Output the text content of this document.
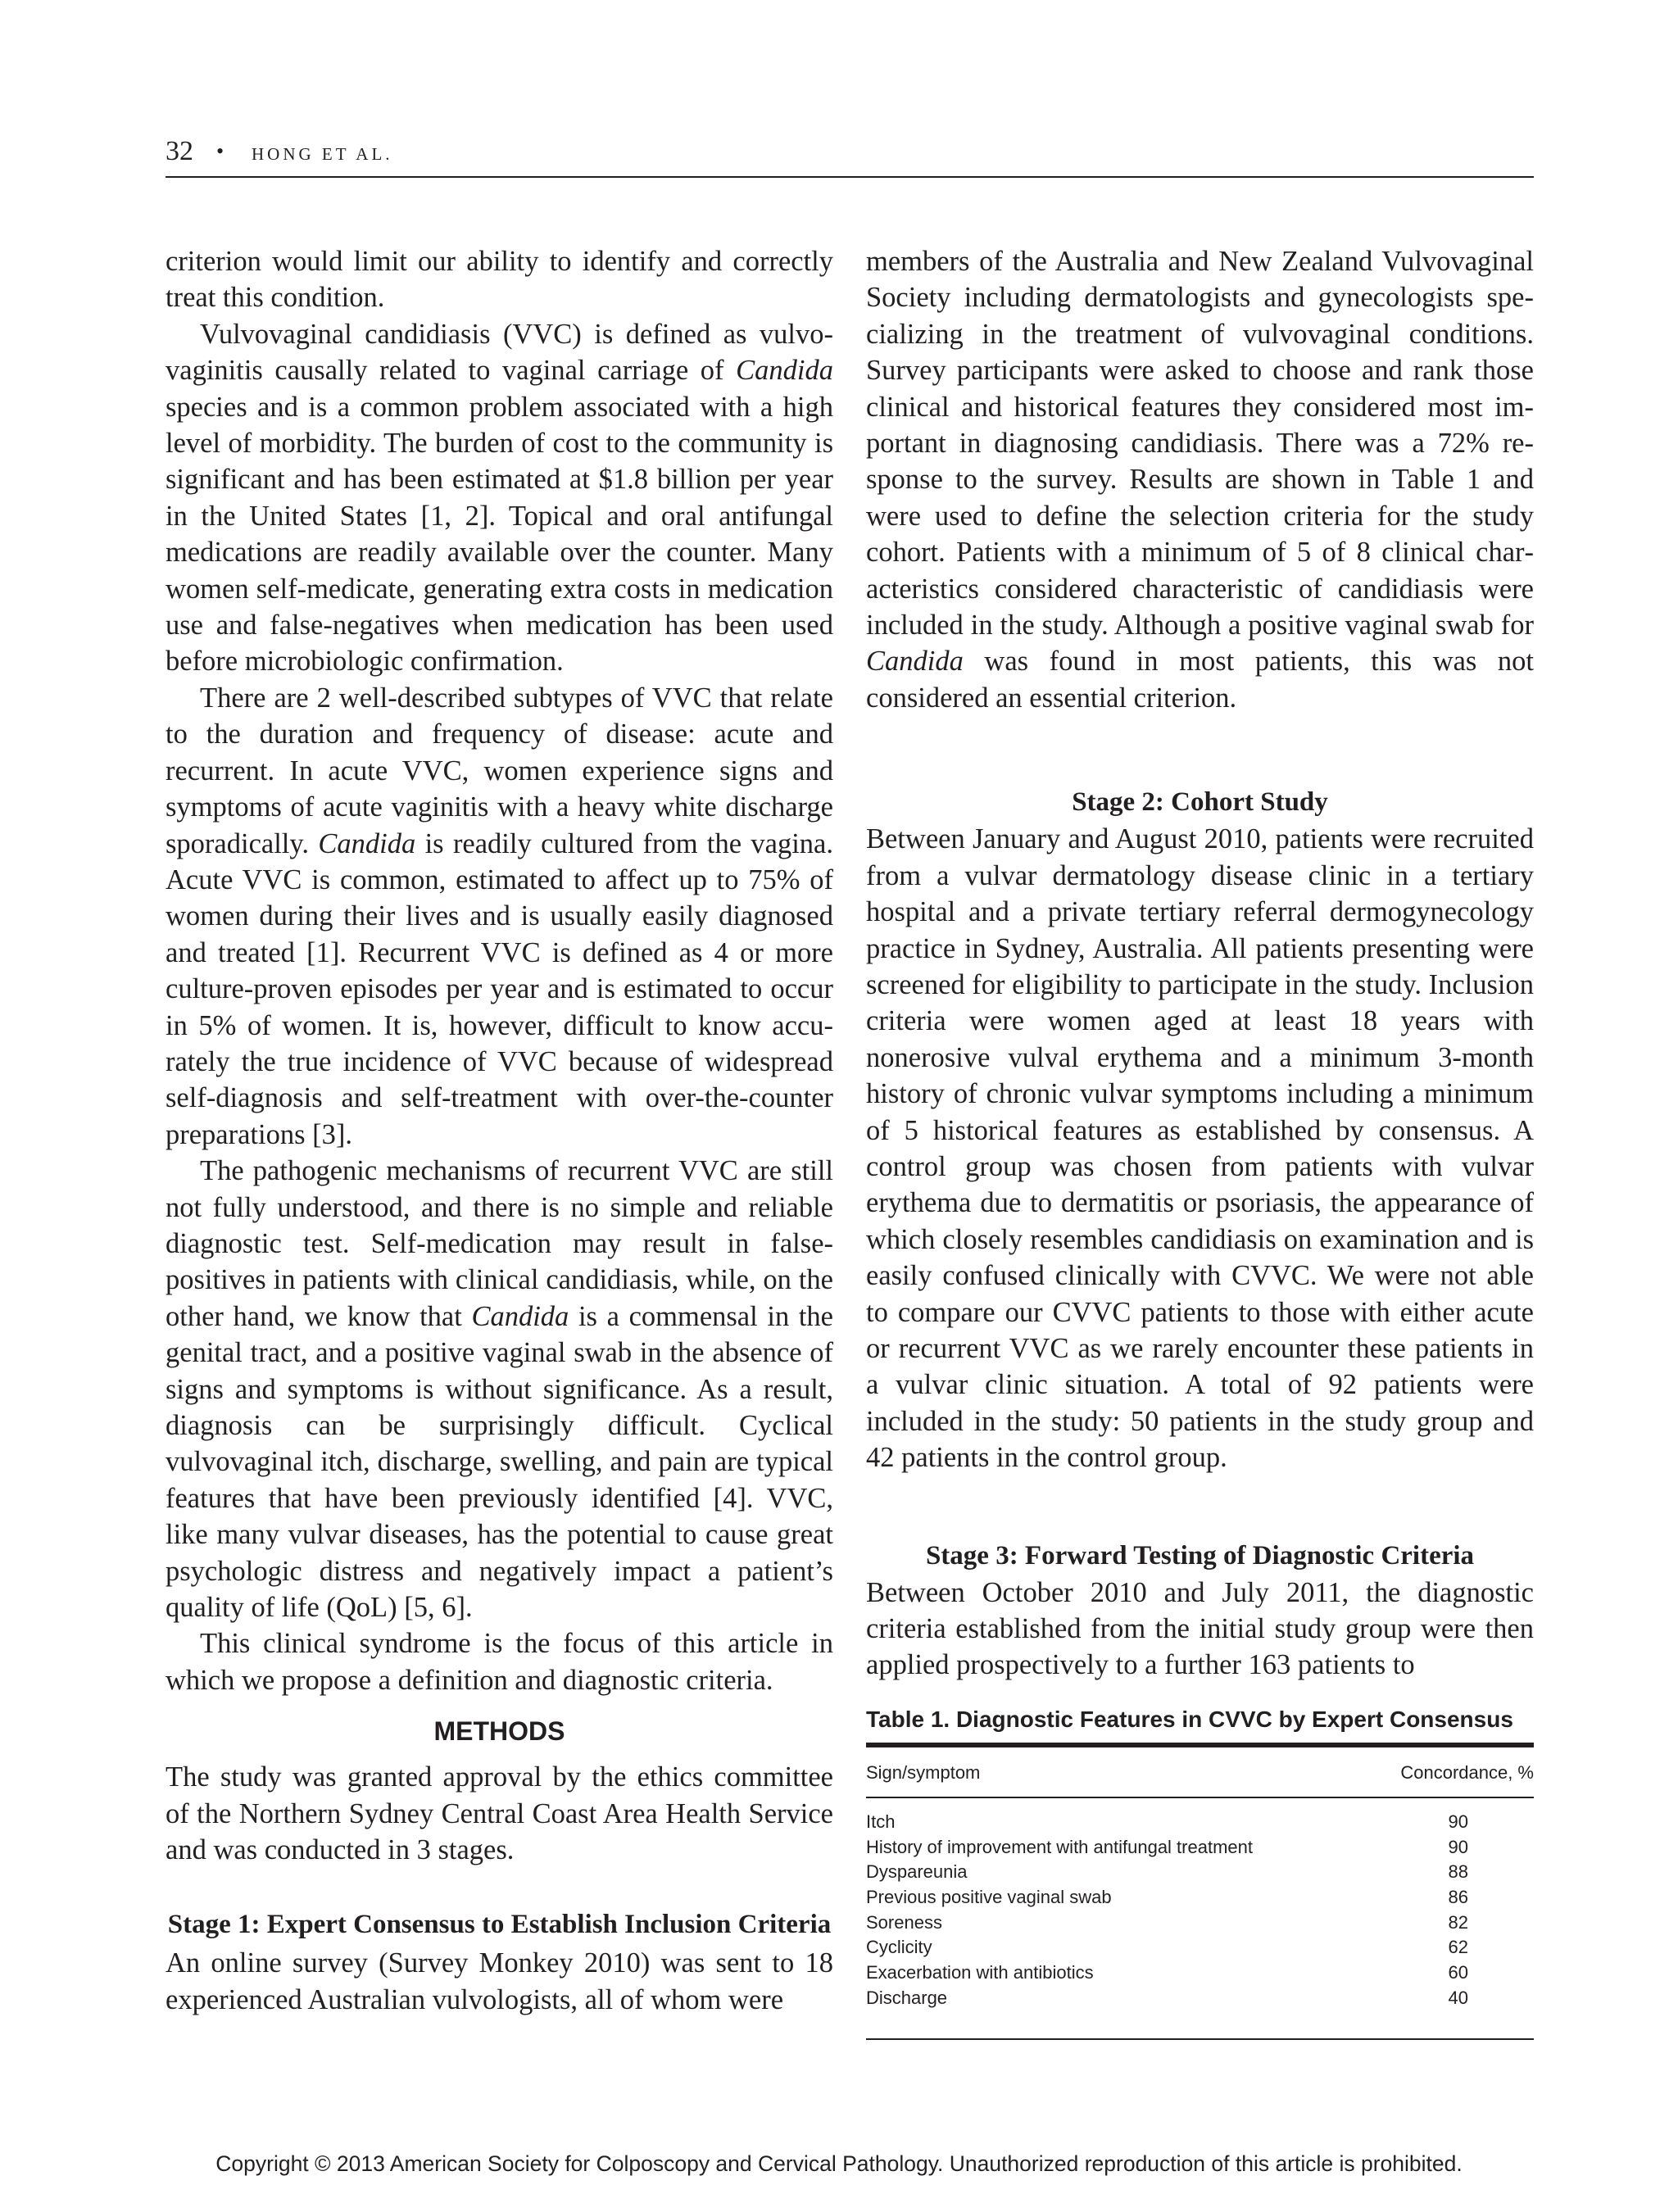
32 • HONG ET AL.

criterion would limit our ability to identify and correctly treat this condition.

Vulvovaginal candidiasis (VVC) is defined as vulvovaginitis causally related to vaginal carriage of Candida species and is a common problem associated with a high level of morbidity. The burden of cost to the community is significant and has been estimated at $1.8 billion per year in the United States [1, 2]. Topical and oral antifungal medications are readily available over the counter. Many women self-medicate, generating extra costs in medication use and false-negatives when medication has been used before microbiologic confirmation.

There are 2 well-described subtypes of VVC that relate to the duration and frequency of disease: acute and recurrent. In acute VVC, women experience signs and symptoms of acute vaginitis with a heavy white discharge sporadically. Candida is readily cultured from the vagina. Acute VVC is common, estimated to affect up to 75% of women during their lives and is usually easily diagnosed and treated [1]. Recurrent VVC is defined as 4 or more culture-proven episodes per year and is estimated to occur in 5% of women. It is, however, difficult to know accurately the true incidence of VVC because of widespread self-diagnosis and self-treatment with over-the-counter preparations [3].

The pathogenic mechanisms of recurrent VVC are still not fully understood, and there is no simple and reliable diagnostic test. Self-medication may result in false-positives in patients with clinical candidiasis, while, on the other hand, we know that Candida is a commensal in the genital tract, and a positive vaginal swab in the absence of signs and symptoms is without significance. As a result, diagnosis can be surprisingly difficult. Cyclical vulvovaginal itch, discharge, swelling, and pain are typical features that have been previously identified [4]. VVC, like many vulvar diseases, has the potential to cause great psychologic distress and negatively impact a patient’s quality of life (QoL) [5, 6].

This clinical syndrome is the focus of this article in which we propose a definition and diagnostic criteria.

METHODS

The study was granted approval by the ethics committee of the Northern Sydney Central Coast Area Health Service and was conducted in 3 stages.

Stage 1: Expert Consensus to Establish Inclusion Criteria

An online survey (Survey Monkey 2010) was sent to 18 experienced Australian vulvologists, all of whom were

members of the Australia and New Zealand Vulvovaginal Society including dermatologists and gynecologists specializing in the treatment of vulvovaginal conditions. Survey participants were asked to choose and rank those clinical and historical features they considered most important in diagnosing candidiasis. There was a 72% response to the survey. Results are shown in Table 1 and were used to define the selection criteria for the study cohort. Patients with a minimum of 5 of 8 clinical characteristics considered characteristic of candidiasis were included in the study. Although a positive vaginal swab for Candida was found in most patients, this was not considered an essential criterion.

Stage 2: Cohort Study

Between January and August 2010, patients were recruited from a vulvar dermatology disease clinic in a tertiary hospital and a private tertiary referral dermogynecology practice in Sydney, Australia. All patients presenting were screened for eligibility to participate in the study. Inclusion criteria were women aged at least 18 years with nonerosive vulval erythema and a minimum 3-month history of chronic vulvar symptoms including a minimum of 5 historical features as established by consensus. A control group was chosen from patients with vulvar erythema due to dermatitis or psoriasis, the appearance of which closely resembles candidiasis on examination and is easily confused clinically with CVVC. We were not able to compare our CVVC patients to those with either acute or recurrent VVC as we rarely encounter these patients in a vulvar clinic situation. A total of 92 patients were included in the study: 50 patients in the study group and 42 patients in the control group.

Stage 3: Forward Testing of Diagnostic Criteria

Between October 2010 and July 2011, the diagnostic criteria established from the initial study group were then applied prospectively to a further 163 patients to

Table 1. Diagnostic Features in CVVC by Expert Consensus

Sign/symptom	Concordance, %

Itch	90
History of improvement with antifungal treatment	90
Dyspareunia	88
Previous positive vaginal swab	86
Soreness	82
Cyclicity	62
Exacerbation with antibiotics	60
Discharge	40
Copyright © 2013 American Society for Colposcopy and Cervical Pathology. Unauthorized reproduction of this article is prohibited.
